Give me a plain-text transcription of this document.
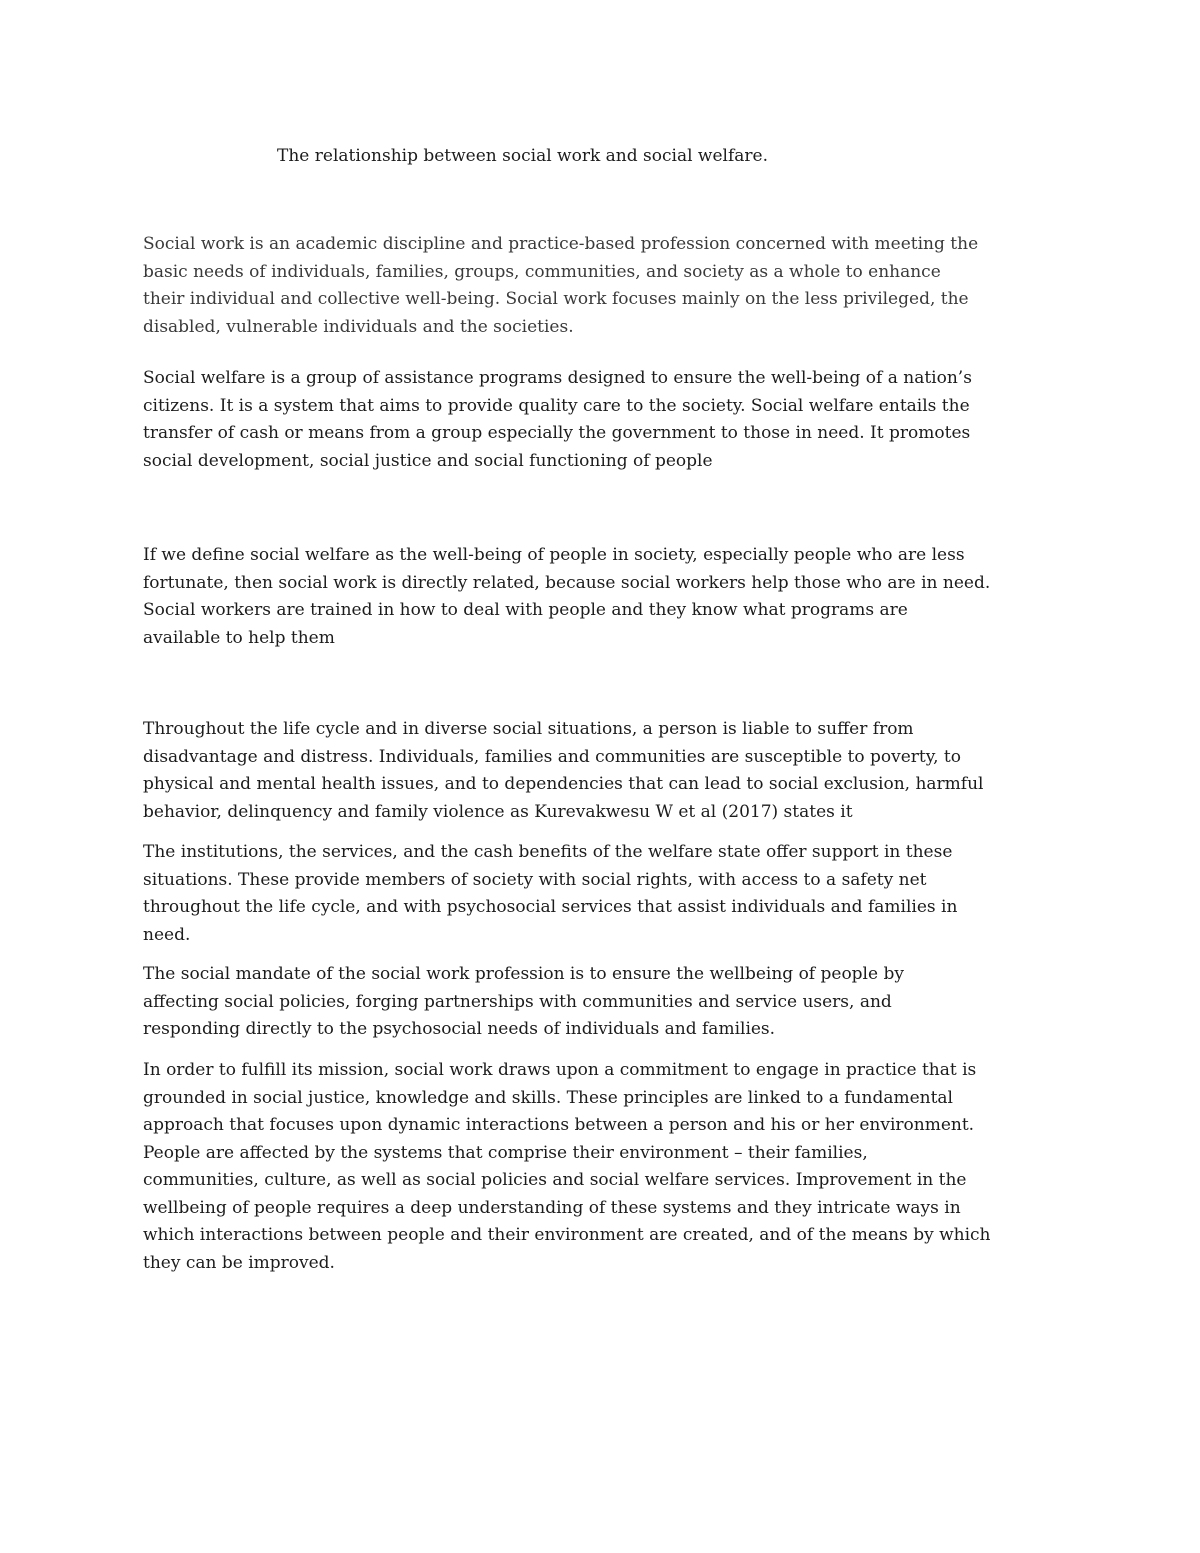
The relationship between social work and social welfare.

Social work is an academic discipline and practice-based profession concerned with meeting the
basic needs of individuals, families, groups, communities, and society as a whole to enhance
their individual and collective well-being. Social work focuses mainly on the less privileged, the
disabled, vulnerable individuals and the societies.

Social welfare is a group of assistance programs designed to ensure the well-being of a nation’s
citizens. It is a system that aims to provide quality care to the society. Social welfare entails the
transfer of cash or means from a group especially the government to those in need. It promotes
social development, social justice and social functioning of people

If we define social welfare as the well-being of people in society, especially people who are less
fortunate, then social work is directly related, because social workers help those who are in need.
Social workers are trained in how to deal with people and they know what programs are
available to help them

Throughout the life cycle and in diverse social situations, a person is liable to suffer from
disadvantage and distress. Individuals, families and communities are susceptible to poverty, to
physical and mental health issues, and to dependencies that can lead to social exclusion, harmful
behavior, delinquency and family violence as Kurevakwesu W et al (2017) states it

The institutions, the services, and the cash benefits of the welfare state offer support in these
situations. These provide members of society with social rights, with access to a safety net
throughout the life cycle, and with psychosocial services that assist individuals and families in
need.

The social mandate of the social work profession is to ensure the wellbeing of people by
affecting social policies, forging partnerships with communities and service users, and
responding directly to the psychosocial needs of individuals and families.

In order to fulfill its mission, social work draws upon a commitment to engage in practice that is
grounded in social justice, knowledge and skills. These principles are linked to a fundamental
approach that focuses upon dynamic interactions between a person and his or her environment.
People are affected by the systems that comprise their environment – their families,
communities, culture, as well as social policies and social welfare services. Improvement in the
wellbeing of people requires a deep understanding of these systems and they intricate ways in
which interactions between people and their environment are created, and of the means by which
they can be improved.
